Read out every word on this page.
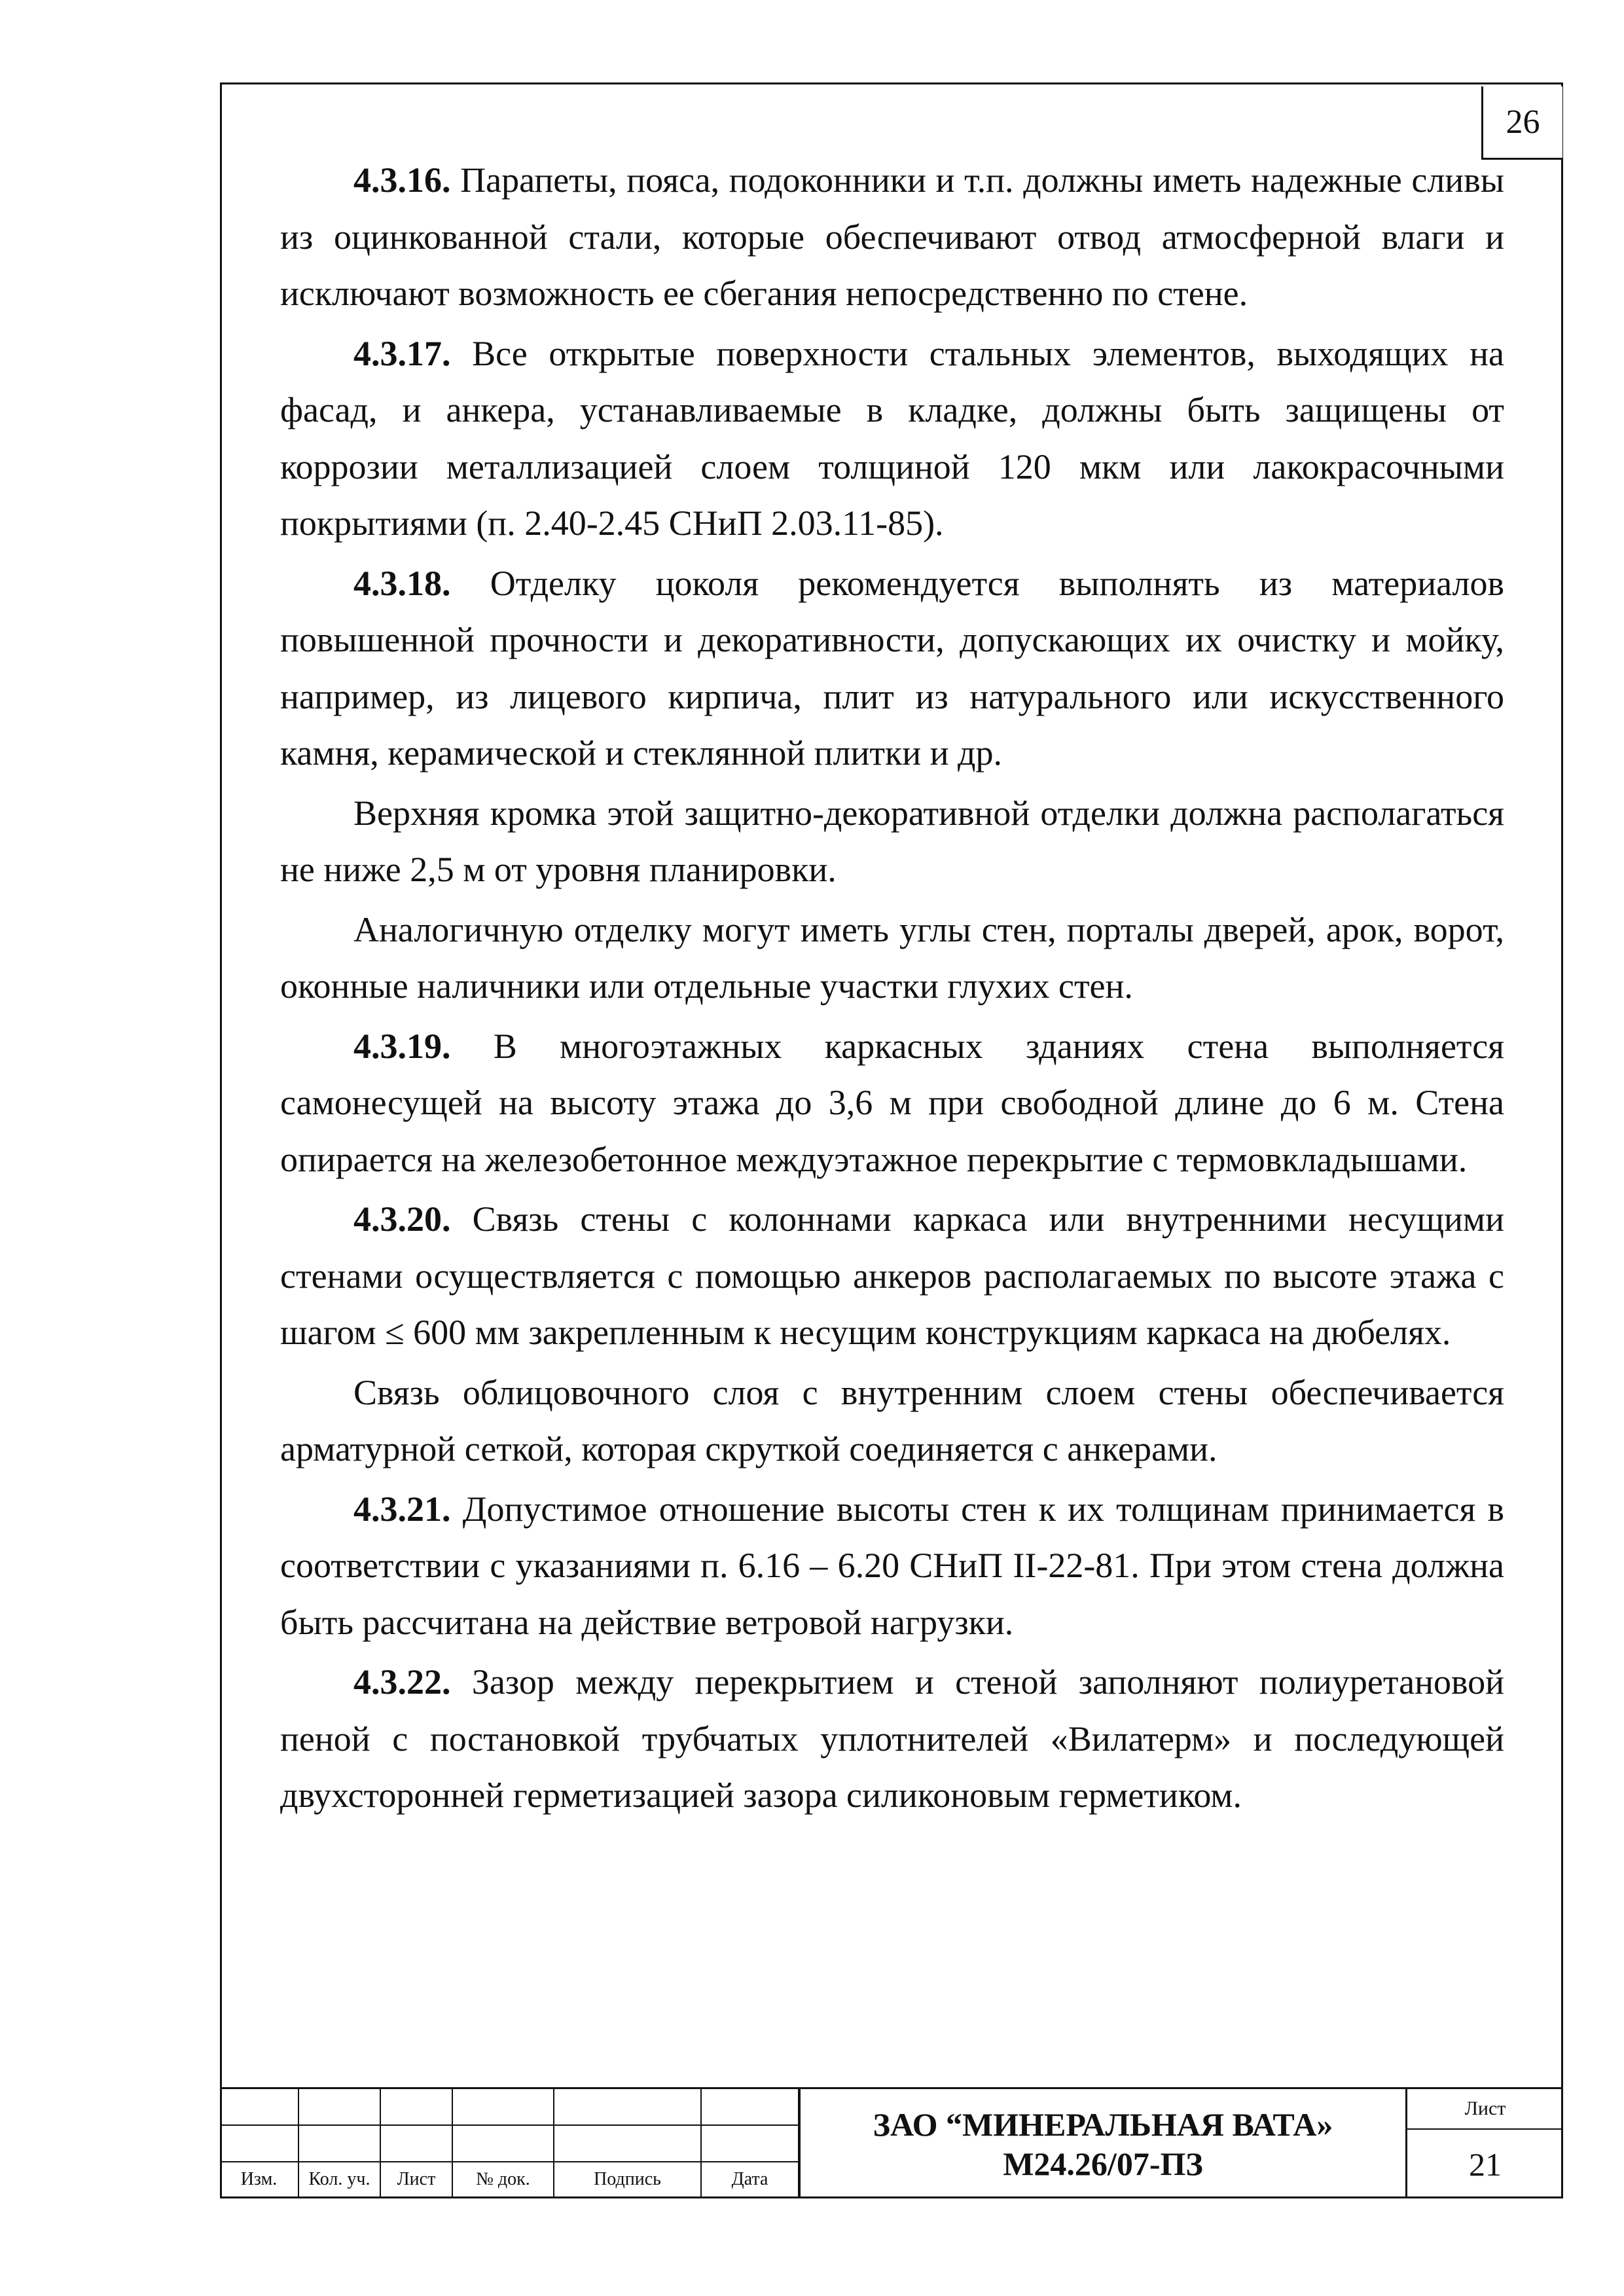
26

4.3.16. Парапеты, пояса, подоконники и т.п. должны иметь надежные сливы из оцинкованной стали, которые обеспечивают отвод атмосферной влаги и исключают возможность ее сбегания непосредственно по стене.

4.3.17. Все открытые поверхности стальных элементов, выходящих на фасад, и анкера, устанавливаемые в кладке, должны быть защищены от коррозии металлизацией слоем толщиной 120 мкм или лакокрасочными покрытиями (п. 2.40-2.45 СНиП 2.03.11-85).

4.3.18. Отделку цоколя рекомендуется выполнять из материалов повышенной прочности и декоративности, допускающих их очистку и мойку, например, из лицевого кирпича, плит из натурального или искусственного камня, керамической и стеклянной плитки и др.

Верхняя кромка этой защитно-декоративной отделки должна располагаться не ниже 2,5 м от уровня планировки.

Аналогичную отделку могут иметь углы стен, порталы дверей, арок, ворот, оконные наличники или отдельные участки глухих стен.

4.3.19. В многоэтажных каркасных зданиях стена выполняется самонесущей на высоту этажа до 3,6 м при свободной длине до 6 м. Стена опирается на железобетонное междуэтажное перекрытие с термовкладышами.

4.3.20. Связь стены с колоннами каркаса или внутренними несущими стенами осуществляется с помощью анкеров располагаемых по высоте этажа с шагом ≤ 600 мм закрепленным к несущим конструкциям каркаса на дюбелях.

Связь облицовочного слоя с внутренним слоем стены обеспечивается арматурной сеткой, которая скруткой соединяется с анкерами.

4.3.21. Допустимое отношение высоты стен к их толщинам принимается в соответствии с указаниями п. 6.16 – 6.20 СНиП II-22-81. При этом стена должна быть рассчитана на действие ветровой нагрузки.

4.3.22. Зазор между перекрытием и стеной заполняют полиуретановой пеной с постановкой трубчатых уплотнителей «Вилатерм» и последующей двухсторонней герметизацией зазора силиконовым герметиком.

Изм.	Кол. уч.	Лист	№ док.	Подпись	Дата
ЗАО “МИНЕРАЛЬНАЯ ВАТА»
М24.26/07-ПЗ
Лист
21
